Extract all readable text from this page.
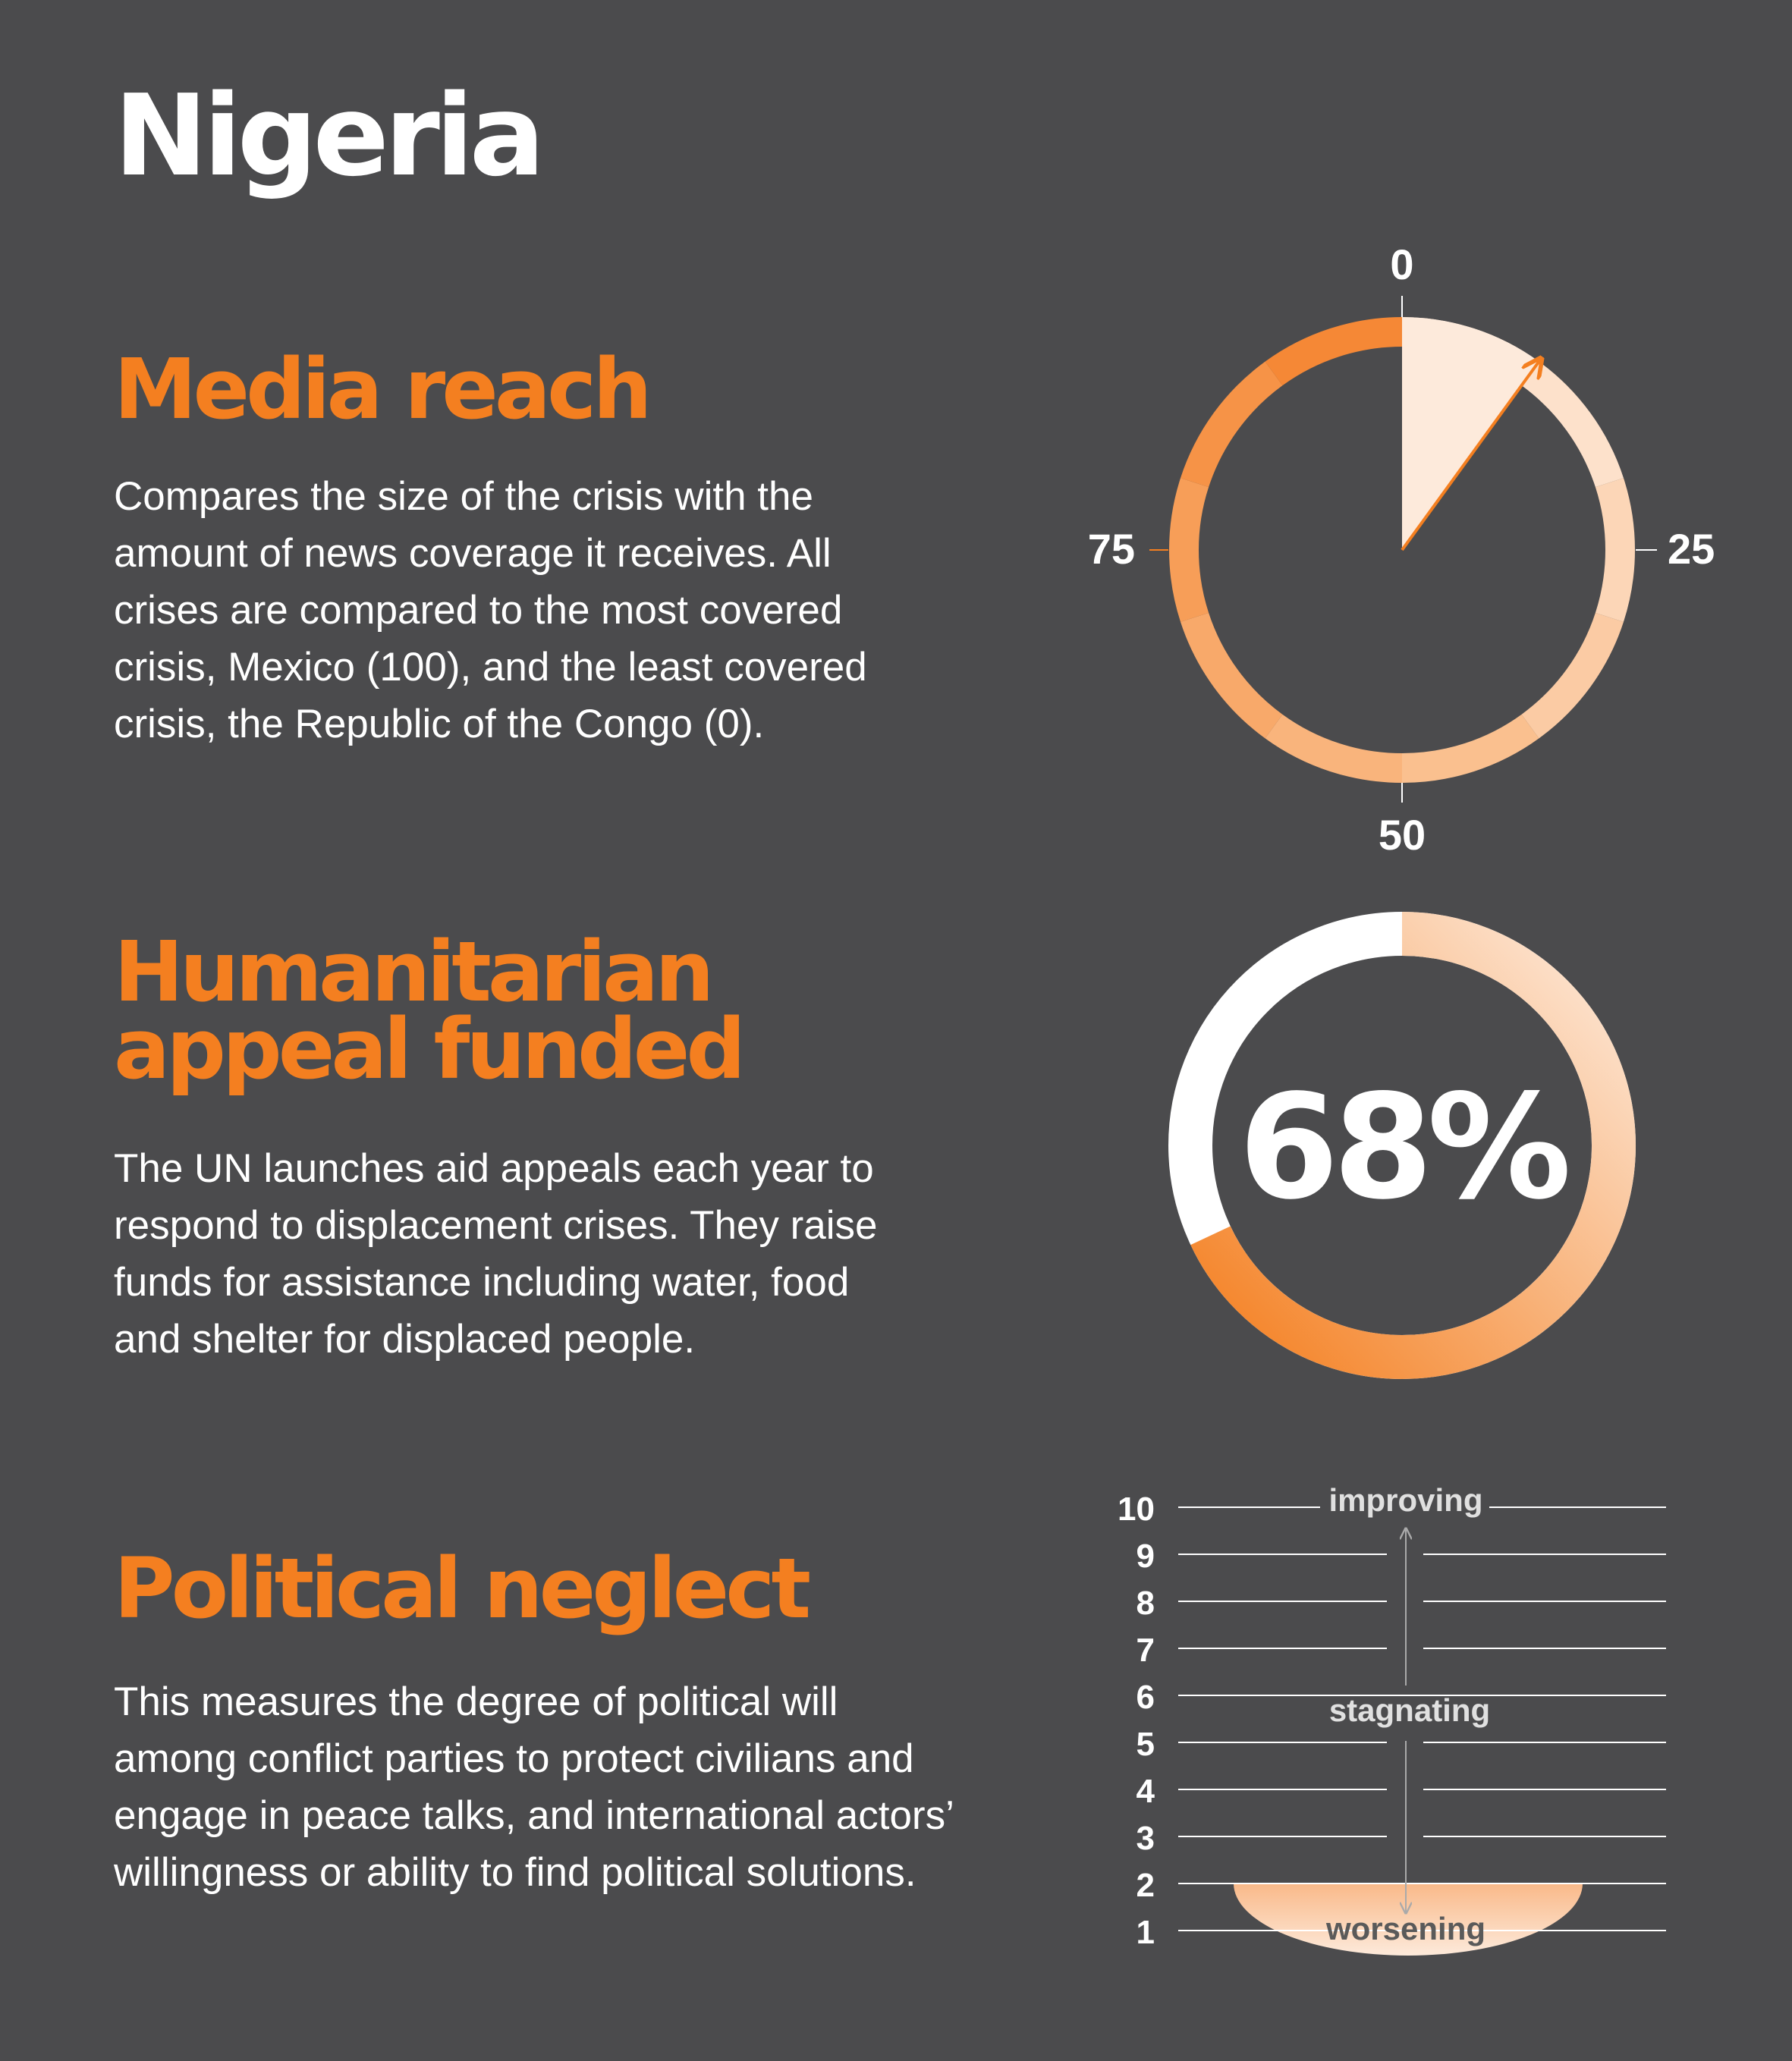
Nigeria
Media reach

Compares the size of the crisis with the
amount of news coverage it receives. All
crises are compared to the most covered
crisis, Mexico (100), and the least covered
crisis, the Republic of the Congo (0).

Humanitarian
appeal funded

The UN launches aid appeals each year to
respond to displacement crises. They raise
funds for assistance including water, food
and shelter for displaced people.

Political neglect

This measures the degree of political will
among conflict parties to protect civilians and
engage in peace talks, and international actors’
willingness or ability to find political solutions.

0
25
50
75
68%
10
9
8
7
6
5
4
3
2
1
improving
stagnating
worsening
